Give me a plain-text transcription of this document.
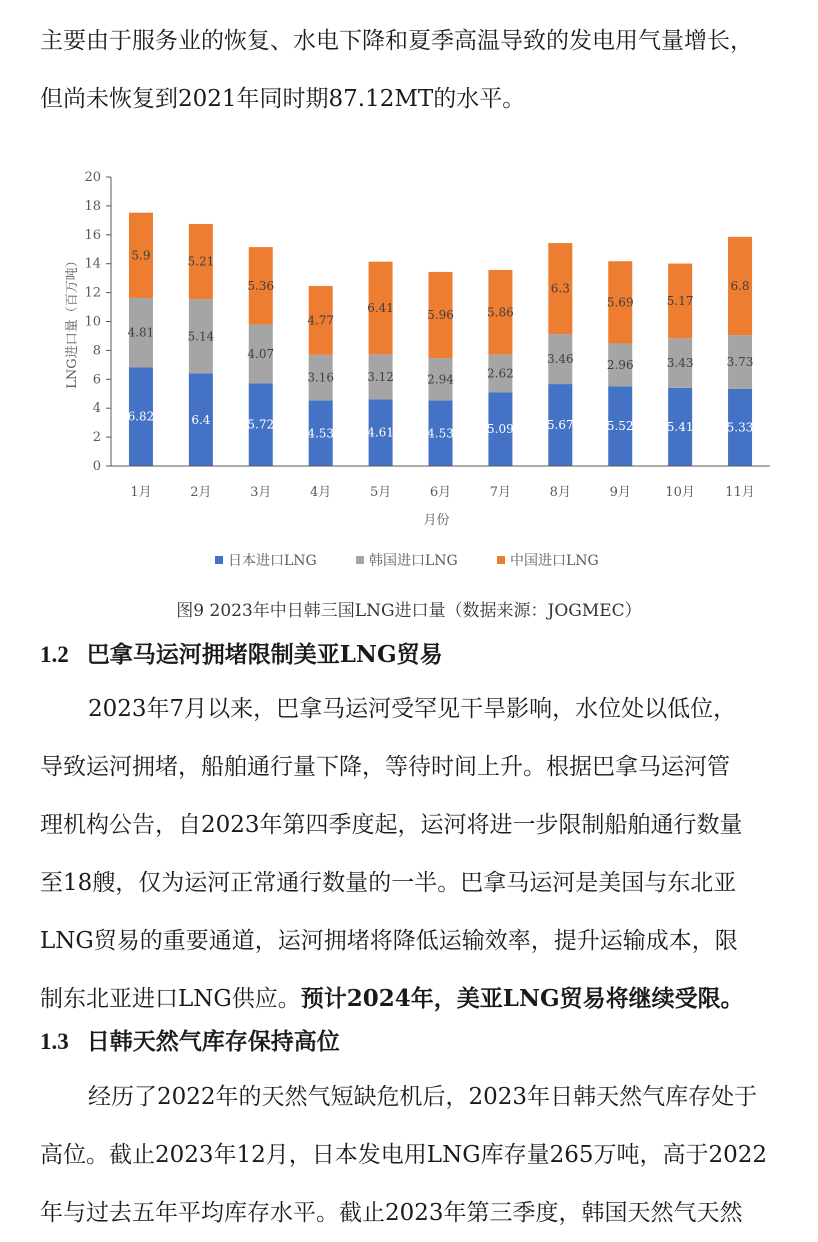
主要由于服务业的恢复、水电下降和夏季高温导致的发电用气量增长，

但尚未恢复到2021年同时期87.12MT的水平。

0
2
4
6
8
10
12
14
16
18
20
LNG进口量（百万吨）
6.82
4.81
5.9
1月
6.4
5.14
5.21
2月
5.72
4.07
5.36
3月
4.53
3.16
4.77
4月
4.61
3.12
6.41
5月
4.53
2.94
5.96
6月
5.09
2.62
5.86
7月
5.67
3.46
6.3
8月
5.52
2.96
5.69
9月
5.41
3.43
5.17
10月
5.33
3.73
6.8
11月
月份
日本进口LNG	韩国进口LNG	中国进口LNG
图9 2023年中日韩三国LNG进口量（数据来源：JOGMEC）
1.2 巴拿马运河拥堵限制美亚LNG贸易

2023年7月以来，巴拿马运河受罕见干旱影响，水位处以低位，

导致运河拥堵，船舶通行量下降，等待时间上升。根据巴拿马运河管

理机构公告，自2023年第四季度起，运河将进一步限制船舶通行数量

至18艘，仅为运河正常通行数量的一半。巴拿马运河是美国与东北亚

LNG贸易的重要通道，运河拥堵将降低运输效率，提升运输成本，限

制东北亚进口LNG供应。预计2024年，美亚LNG贸易将继续受限。

1.3 日韩天然气库存保持高位

经历了2022年的天然气短缺危机后，2023年日韩天然气库存处于

高位。截止2023年12月，日本发电用LNG库存量265万吨，高于2022

年与过去五年平均库存水平。截止2023年第三季度，韩国天然气天然
